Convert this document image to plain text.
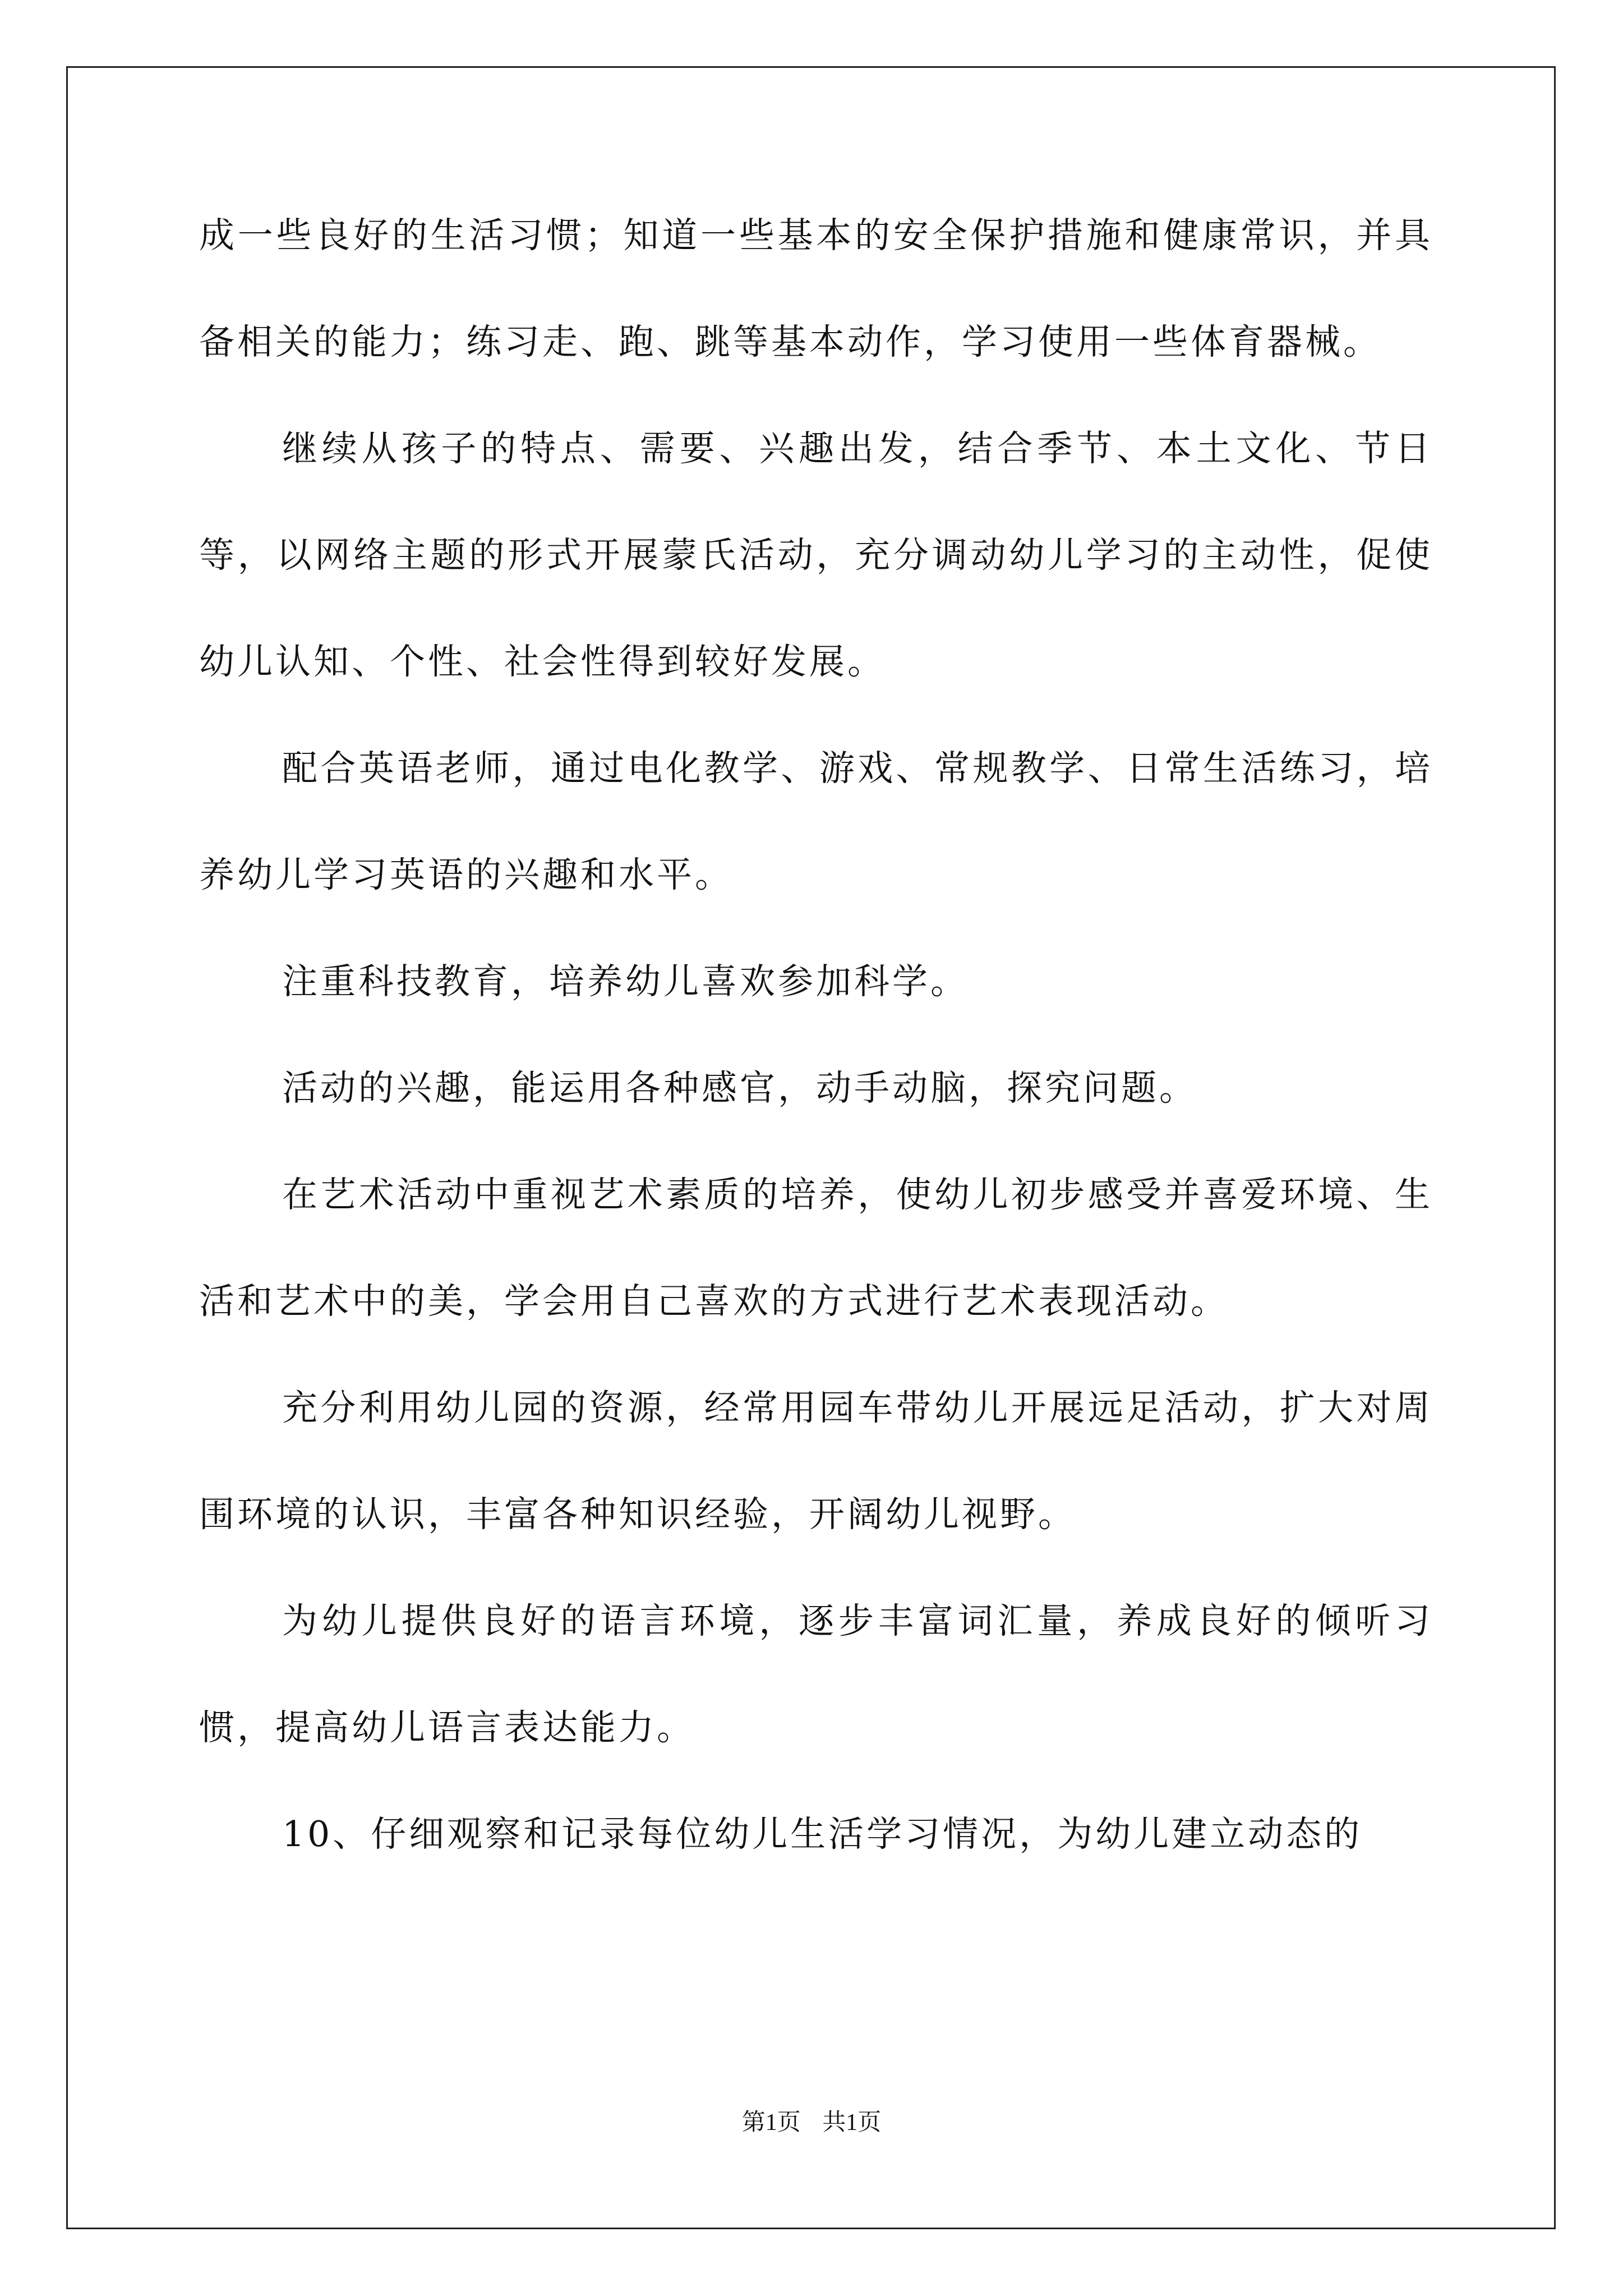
成一些良好的生活习惯；知道一些基本的安全保护措施和健康常识，并具备相关的能力；练习走、跑、跳等基本动作，学习使用一些体育器械。

继续从孩子的特点、需要、兴趣出发，结合季节、本土文化、节日等，以网络主题的形式开展蒙氏活动，充分调动幼儿学习的主动性，促使幼儿认知、个性、社会性得到较好发展。

配合英语老师，通过电化教学、游戏、常规教学、日常生活练习，培养幼儿学习英语的兴趣和水平。

注重科技教育，培养幼儿喜欢参加科学。

活动的兴趣，能运用各种感官，动手动脑，探究问题。

在艺术活动中重视艺术素质的培养，使幼儿初步感受并喜爱环境、生活和艺术中的美，学会用自己喜欢的方式进行艺术表现活动。

充分利用幼儿园的资源，经常用园车带幼儿开展远足活动，扩大对周围环境的认识，丰富各种知识经验，开阔幼儿视野。

为幼儿提供良好的语言环境，逐步丰富词汇量，养成良好的倾听习惯，提高幼儿语言表达能力。

10、仔细观察和记录每位幼儿生活学习情况，为幼儿建立动态的

第1页 共1页
